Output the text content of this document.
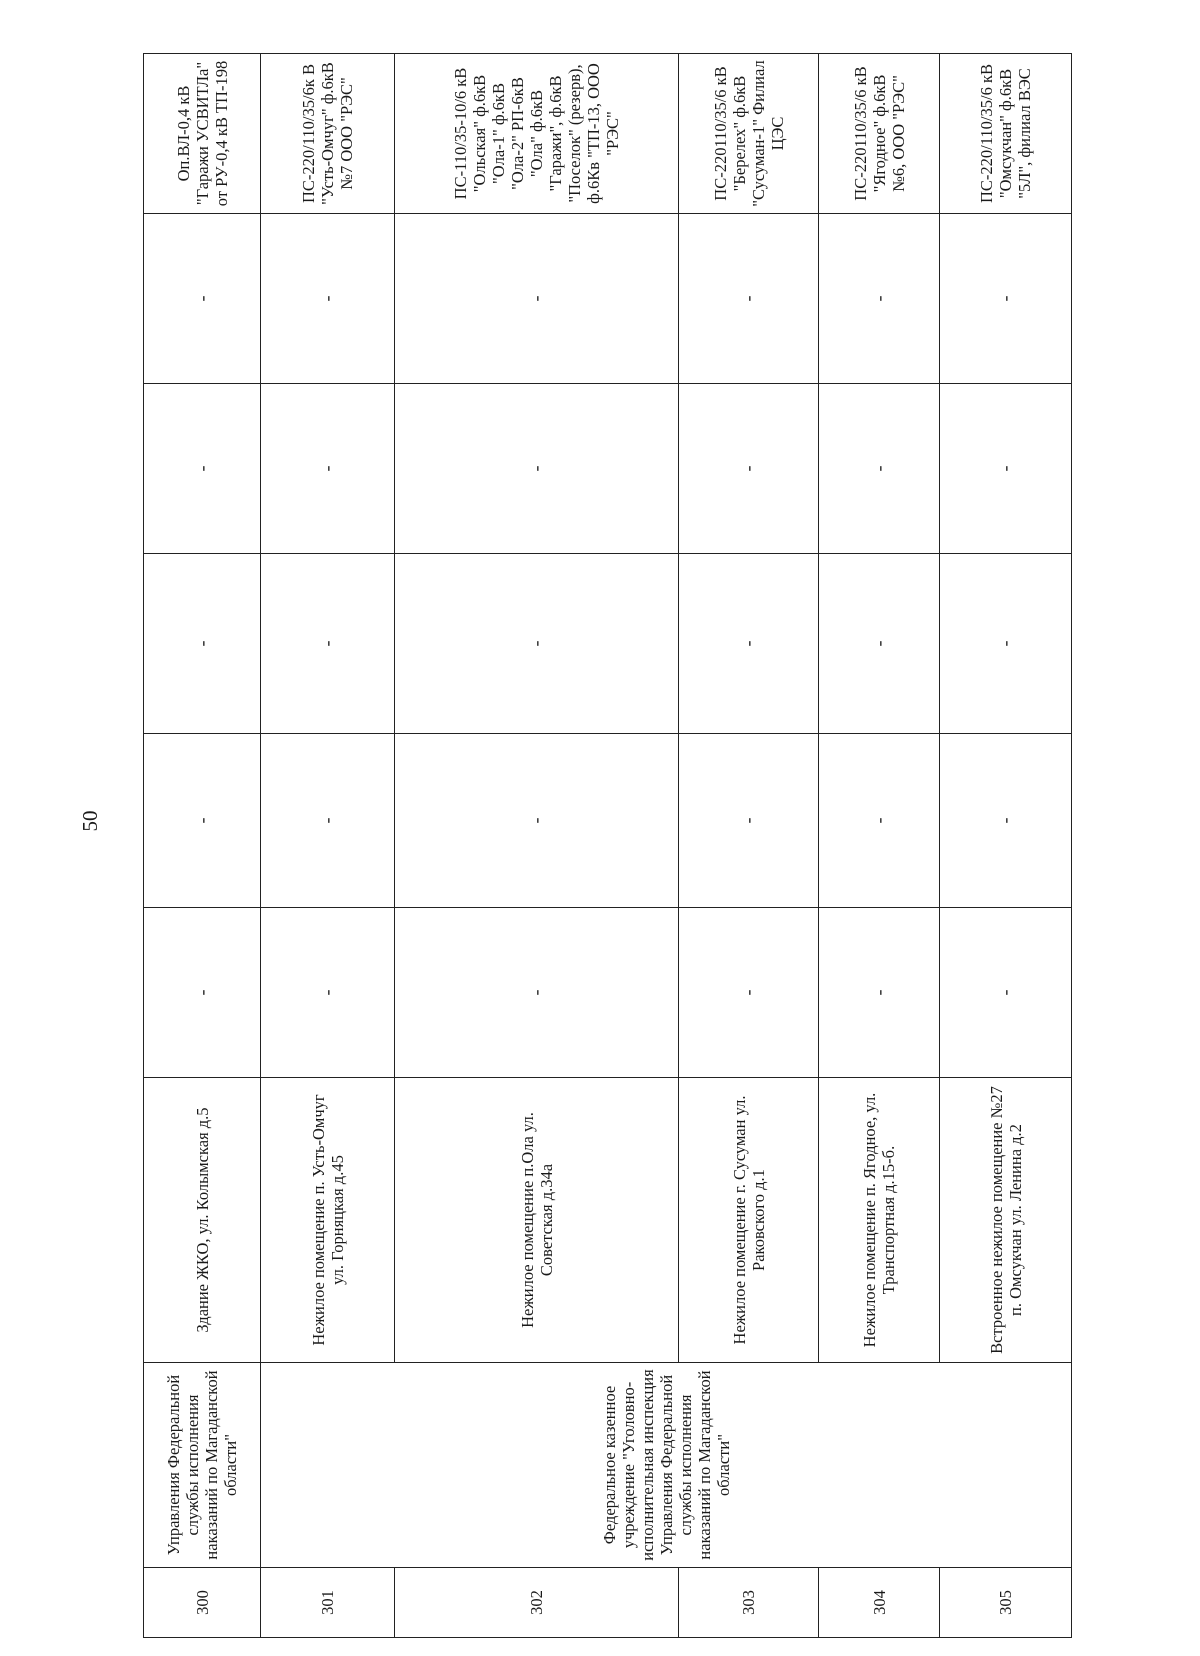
50
300	Управления Федеральной службы исполнения наказаний по Магаданской области"	Здание ЖКО, ул. Колымская д.5	-	-	-	-	-	Оп.ВЛ-0,4 кВ "Гаражи УСВИТЛа" от РУ-0,4 кВ ТП-198
301	Федеральное казенное учреждение "Уголовно-исполнительная инспекция Управления Федеральной службы исполнения наказаний по Магаданской области"	Нежилое помещение п. Усть-Омчуг ул. Горняцкая д.45	-	-	-	-	-	ПС-220/110/35/6к В "Усть-Омчуг" ф.6кВ №7 ООО "РЭС"
302		Нежилое помещение п.Ола ул. Советская д.34а	-	-	-	-	-	ПС-110/35-10/6 кВ "Ольская" ф.6кВ "Ола-1" ф.6кВ "Ола-2" РП-6кВ "Ола" ф.6кВ "Гаражи", ф.6кВ "Поселок" (резерв), ф.6Кв "ТП-13, ООО "РЭС"
303		Нежилое помещение г. Сусуман ул. Раковского д.1	-	-	-	-	-	ПС-220110/35/6 кВ "Берелех" ф.6кВ "Сусуман-1" Филиал ЦЭС
304		Нежилое помещение п. Ягодное, ул. Транспортная д.15-б.	-	-	-	-	-	ПС-220110/35/6 кВ "Ягодное" ф.6кВ №6, ООО "РЭС"
305		Встроенное нежилое помещение №27 п. Омсукчан ул. Ленина д.2	-	-	-	-	-	ПС-220/110/35/6 кВ "Омсукчан" ф.6кВ "5Л", филиал ВЭС
